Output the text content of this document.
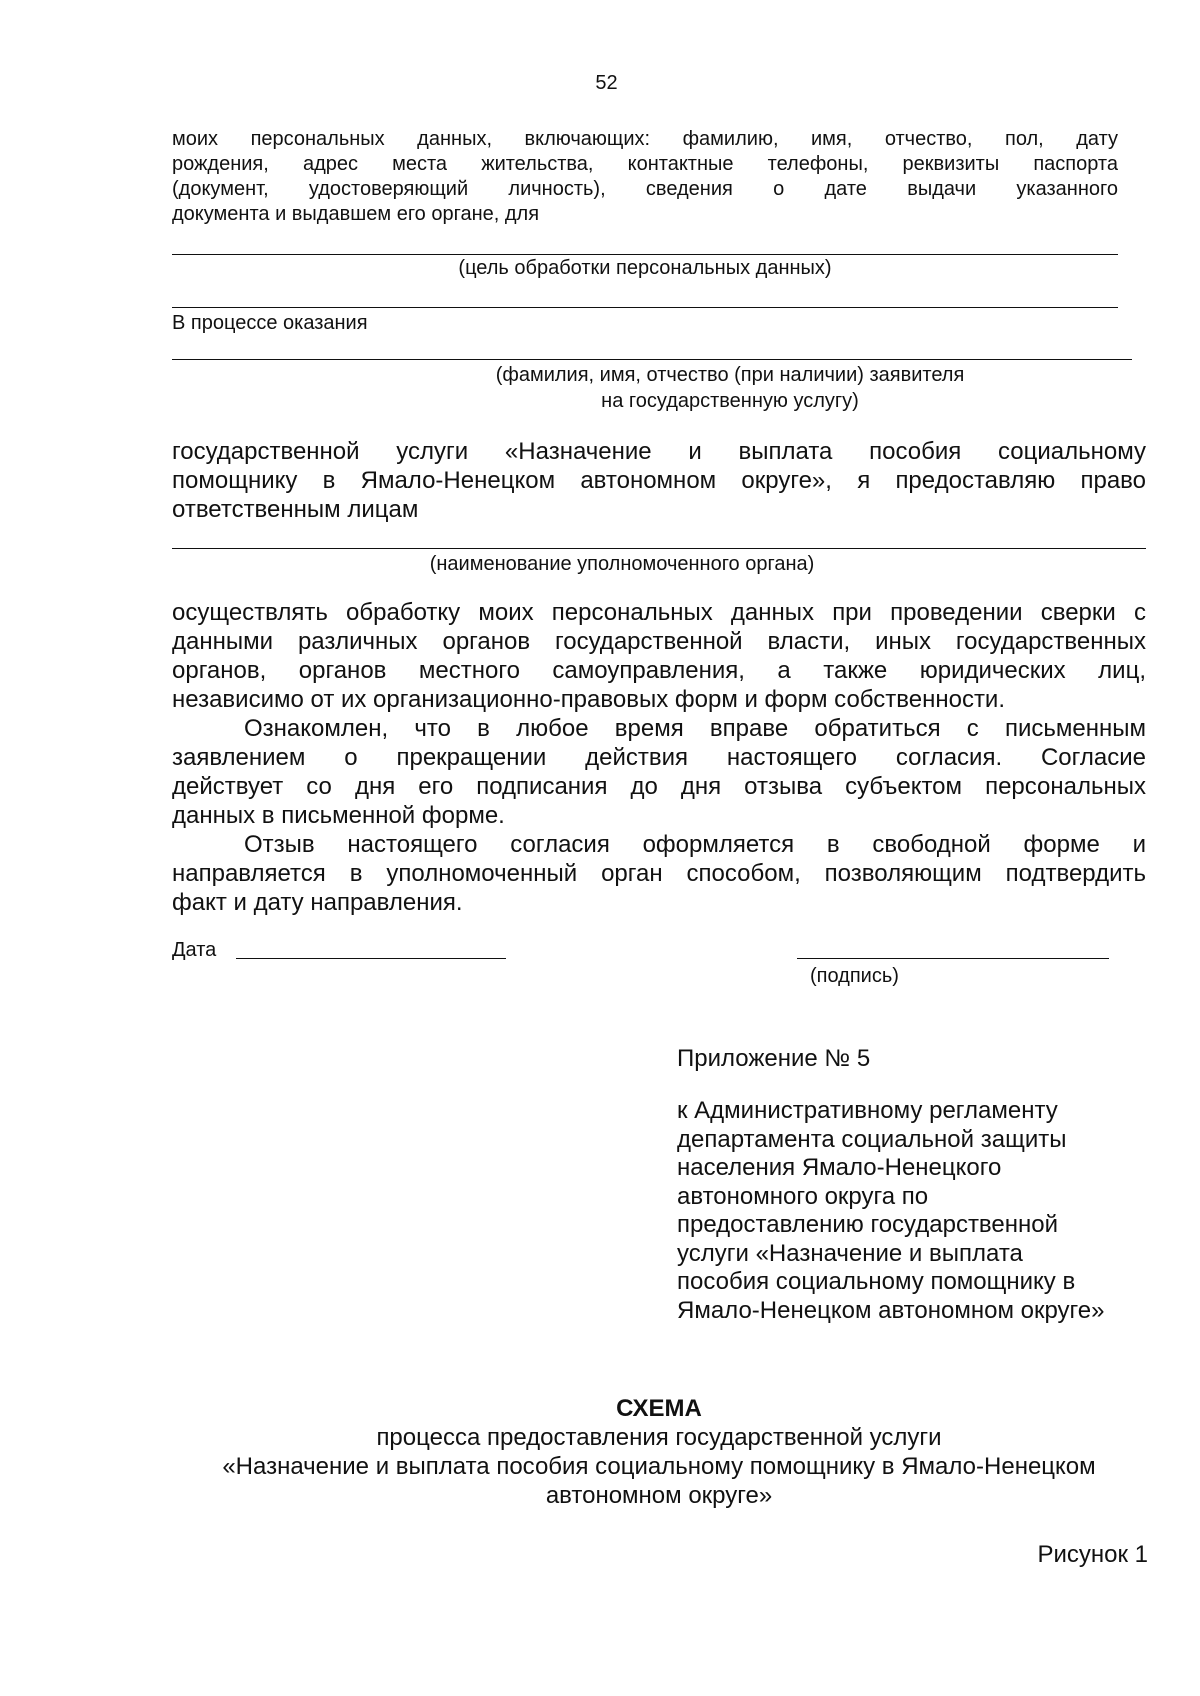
52
моих персональных данных, включающих: фамилию, имя, отчество, пол, дату
рождения, адрес места жительства, контактные телефоны, реквизиты паспорта
(документ, удостоверяющий личность), сведения о дате выдачи указанного
документа и выдавшем его органе, для
(цель обработки персональных данных)
В процессе оказания
(фамилия, имя, отчество (при наличии) заявителя
на государственную услугу)
государственной услуги «Назначение и выплата пособия социальному
помощнику в Ямало-Ненецком автономном округе», я предоставляю право
ответственным лицам
(наименование уполномоченного органа)
осуществлять обработку моих персональных данных при проведении сверки с
данными различных органов государственной власти, иных государственных
органов, органов местного самоуправления, а также юридических лиц,
независимо от их организационно-правовых форм и форм собственности.
Ознакомлен, что в любое время вправе обратиться с письменным
заявлением о прекращении действия настоящего согласия. Согласие
действует со дня его подписания до дня отзыва субъектом персональных
данных в письменной форме.
Отзыв настоящего согласия оформляется в свободной форме и
направляется в уполномоченный орган способом, позволяющим подтвердить
факт и дату направления.
Дата
(подпись)
Приложение № 5
к Административному регламенту
департамента социальной защиты
населения Ямало-Ненецкого
автономного округа по
предоставлению государственной
услуги «Назначение и выплата
пособия социальному помощнику в
Ямало-Ненецком автономном округе»
СХЕМА
процесса предоставления государственной услуги
«Назначение и выплата пособия социальному помощнику в Ямало-Ненецком
автономном округе»
Рисунок 1
